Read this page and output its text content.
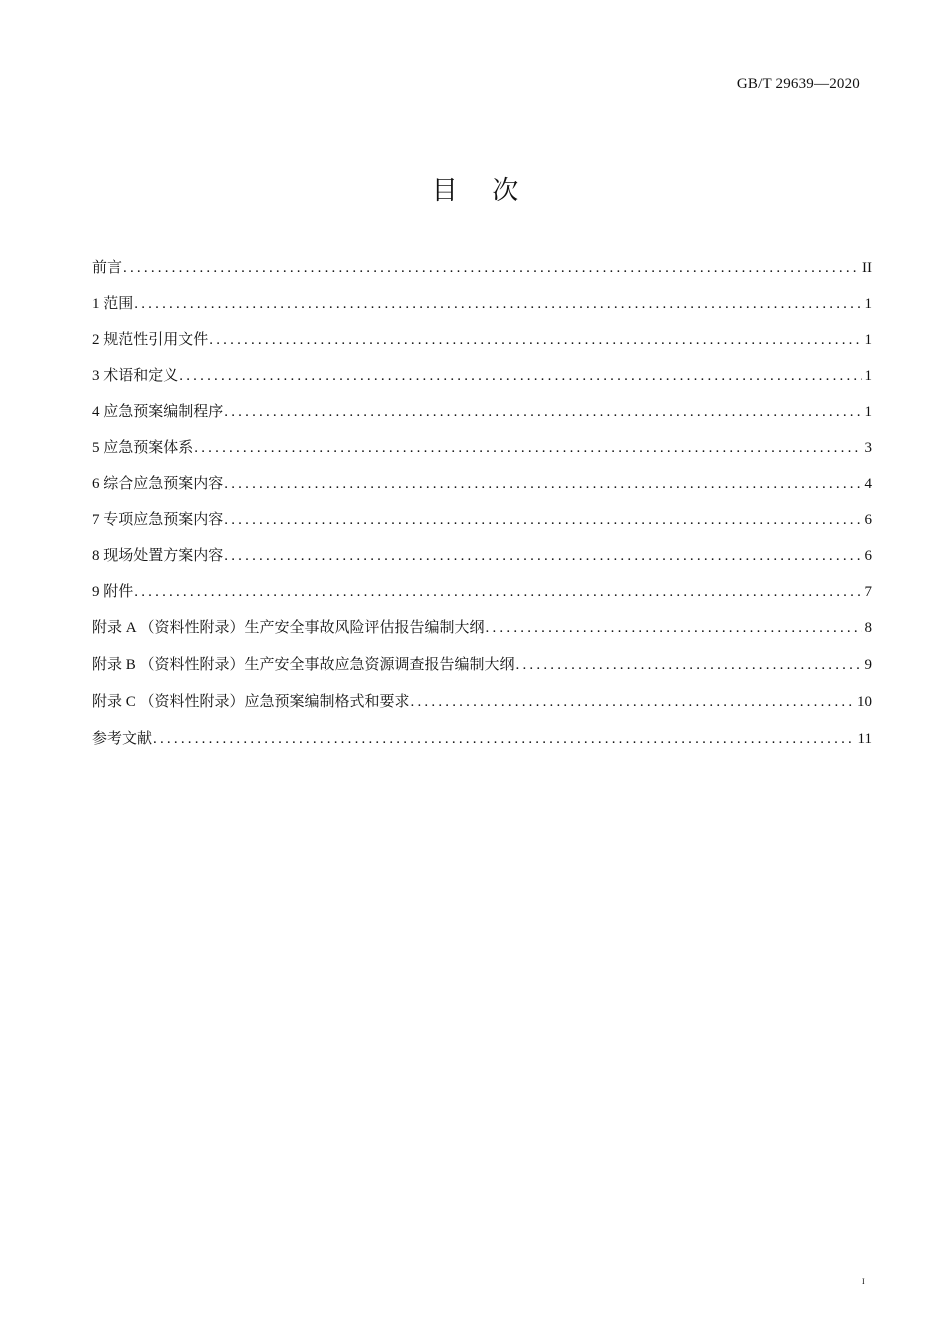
GB/T 29639—2020
目 次
前言 .....	II
1 范围 .....	1
2 规范性引用文件 .....	1
3 术语和定义 .....	1
4 应急预案编制程序 .....	1
5 应急预案体系 .....	3
6 综合应急预案内容 .....	4
7 专项应急预案内容 .....	6
8 现场处置方案内容 .....	6
9 附件 .....	7
附录 A （资料性附录）生产安全事故风险评估报告编制大纲 .....	8
附录 B （资料性附录）生产安全事故应急资源调查报告编制大纲 .....	9
附录 C （资料性附录）应急预案编制格式和要求 .....	10
参考文献 .....	11
I
